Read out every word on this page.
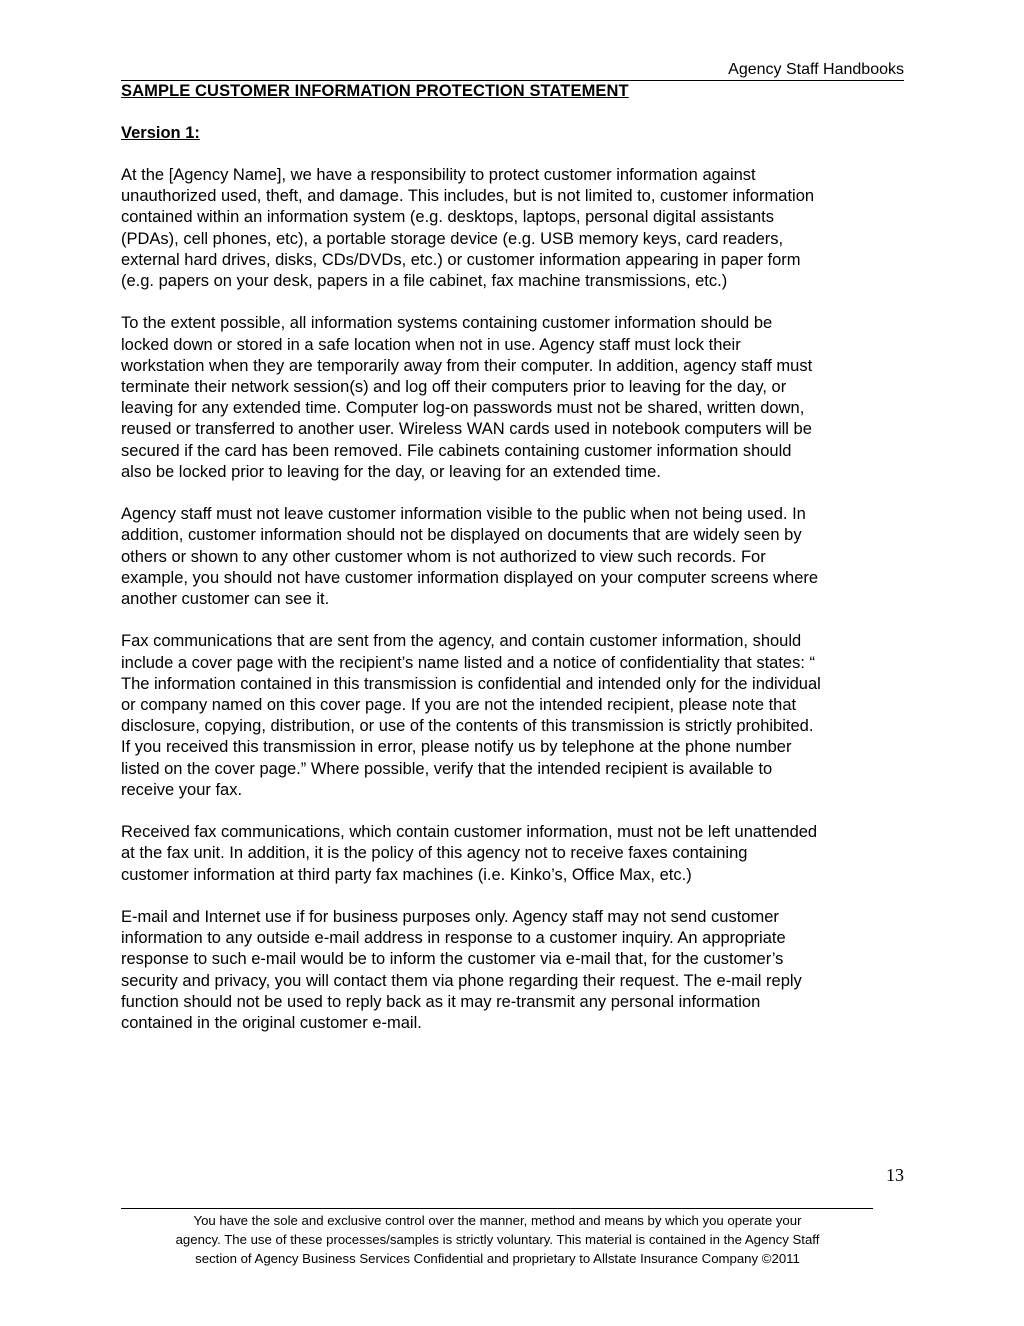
Agency Staff Handbooks
SAMPLE CUSTOMER INFORMATION PROTECTION STATEMENT
Version 1:

At the [Agency Name], we have a responsibility to protect customer information against
unauthorized used, theft, and damage. This includes, but is not limited to, customer information
contained within an information system (e.g. desktops, laptops, personal digital assistants
(PDAs), cell phones, etc), a portable storage device (e.g. USB memory keys, card readers,
external hard drives, disks, CDs/DVDs, etc.) or customer information appearing in paper form
(e.g. papers on your desk, papers in a file cabinet, fax machine transmissions, etc.)

To the extent possible, all information systems containing customer information should be
locked down or stored in a safe location when not in use. Agency staff must lock their
workstation when they are temporarily away from their computer. In addition, agency staff must
terminate their network session(s) and log off their computers prior to leaving for the day, or
leaving for any extended time. Computer log-on passwords must not be shared, written down,
reused or transferred to another user. Wireless WAN cards used in notebook computers will be
secured if the card has been removed. File cabinets containing customer information should
also be locked prior to leaving for the day, or leaving for an extended time.

Agency staff must not leave customer information visible to the public when not being used. In
addition, customer information should not be displayed on documents that are widely seen by
others or shown to any other customer whom is not authorized to view such records. For
example, you should not have customer information displayed on your computer screens where
another customer can see it.

Fax communications that are sent from the agency, and contain customer information, should
include a cover page with the recipient’s name listed and a notice of confidentiality that states: “
The information contained in this transmission is confidential and intended only for the individual
or company named on this cover page. If you are not the intended recipient, please note that
disclosure, copying, distribution, or use of the contents of this transmission is strictly prohibited.
If you received this transmission in error, please notify us by telephone at the phone number
listed on the cover page.” Where possible, verify that the intended recipient is available to
receive your fax.

Received fax communications, which contain customer information, must not be left unattended
at the fax unit. In addition, it is the policy of this agency not to receive faxes containing
customer information at third party fax machines (i.e. Kinko’s, Office Max, etc.)

E-mail and Internet use if for business purposes only. Agency staff may not send customer
information to any outside e-mail address in response to a customer inquiry. An appropriate
response to such e-mail would be to inform the customer via e-mail that, for the customer’s
security and privacy, you will contact them via phone regarding their request. The e-mail reply
function should not be used to reply back as it may re-transmit any personal information
contained in the original customer e-mail.

13
You have the sole and exclusive control over the manner, method and means by which you operate your
agency. The use of these processes/samples is strictly voluntary. This material is contained in the Agency Staff
section of Agency Business Services Confidential and proprietary to Allstate Insurance Company ©2011
